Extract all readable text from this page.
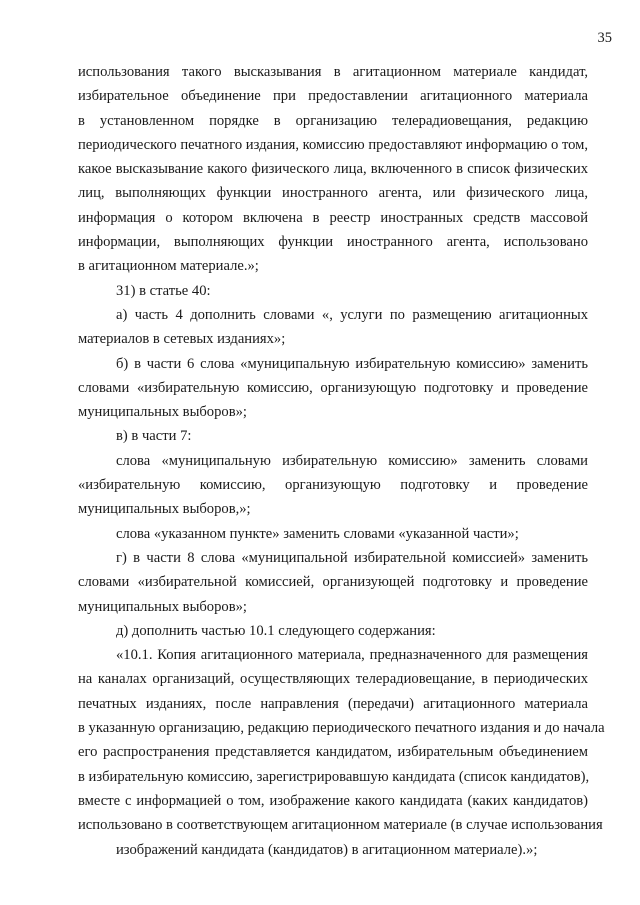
35
использования такого высказывания в агитационном материале кандидат,
избирательное объединение при предоставлении агитационного материала
в установленном порядке в организацию телерадиовещания, редакцию
периодического печатного издания, комиссию предоставляют информацию о том,
какое высказывание какого физического лица, включенного в список физических
лиц, выполняющих функции иностранного агента, или физического лица,
информация о котором включена в реестр иностранных средств массовой
информации, выполняющих функции иностранного агента, использовано
в агитационном материале.»;
31) в статье 40:
а) часть 4 дополнить словами «, услуги по размещению агитационных
материалов в сетевых изданиях»;
б) в части 6 слова «муниципальную избирательную комиссию» заменить
словами «избирательную комиссию, организующую подготовку и проведение
муниципальных выборов»;
в) в части 7:
слова «муниципальную избирательную комиссию» заменить словами
«избирательную комиссию, организующую подготовку и проведение
муниципальных выборов,»;
слова «указанном пункте» заменить словами «указанной части»;
г) в части 8 слова «муниципальной избирательной комиссией» заменить
словами «избирательной комиссией, организующей подготовку и проведение
муниципальных выборов»;
д) дополнить частью 10.1 следующего содержания:
«10.1. Копия агитационного материала, предназначенного для размещения
на каналах организаций, осуществляющих телерадиовещание, в периодических
печатных изданиях, после направления (передачи) агитационного материала
в указанную организацию, редакцию периодического печатного издания и до начала
его распространения представляется кандидатом, избирательным объединением
в избирательную комиссию, зарегистрировавшую кандидата (список кандидатов),
вместе с информацией о том, изображение какого кандидата (каких кандидатов)
использовано в соответствующем агитационном материале (в случае использования
изображений кандидата (кандидатов) в агитационном материале).»;
